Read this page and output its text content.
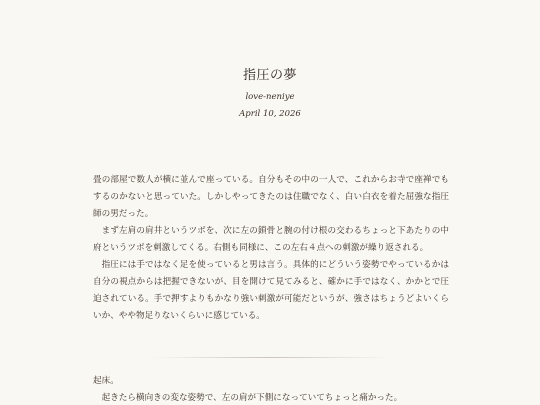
指圧の夢
love-neniye
April 10, 2026

畳の部屋で数人が横に並んで座っている。自分もその中の一人で、これからお寺で座禅でもするのかないと思っていた。しかしやってきたのは住職でなく、白い白衣を着た屈強な指圧師の男だった。

まず左肩の肩井というツボを、次に左の鎖骨と腕の付け根の交わるちょっと下あたりの中府というツボを刺激してくる。右側も同様に、この左右４点への刺激が繰り返される。

指圧には手ではなく足を使っていると男は言う。具体的にどういう姿勢でやっているかは自分の視点からは把握できないが、目を開けて見てみると、確かに手ではなく、かかとで圧迫されている。手で押すよりもかなり強い刺激が可能だというが、強さはちょうどよいくらいか、やや物足りないくらいに感じている。

起床。

起きたら横向きの変な姿勢で、左の肩が下側になっていてちょっと痛かった。
